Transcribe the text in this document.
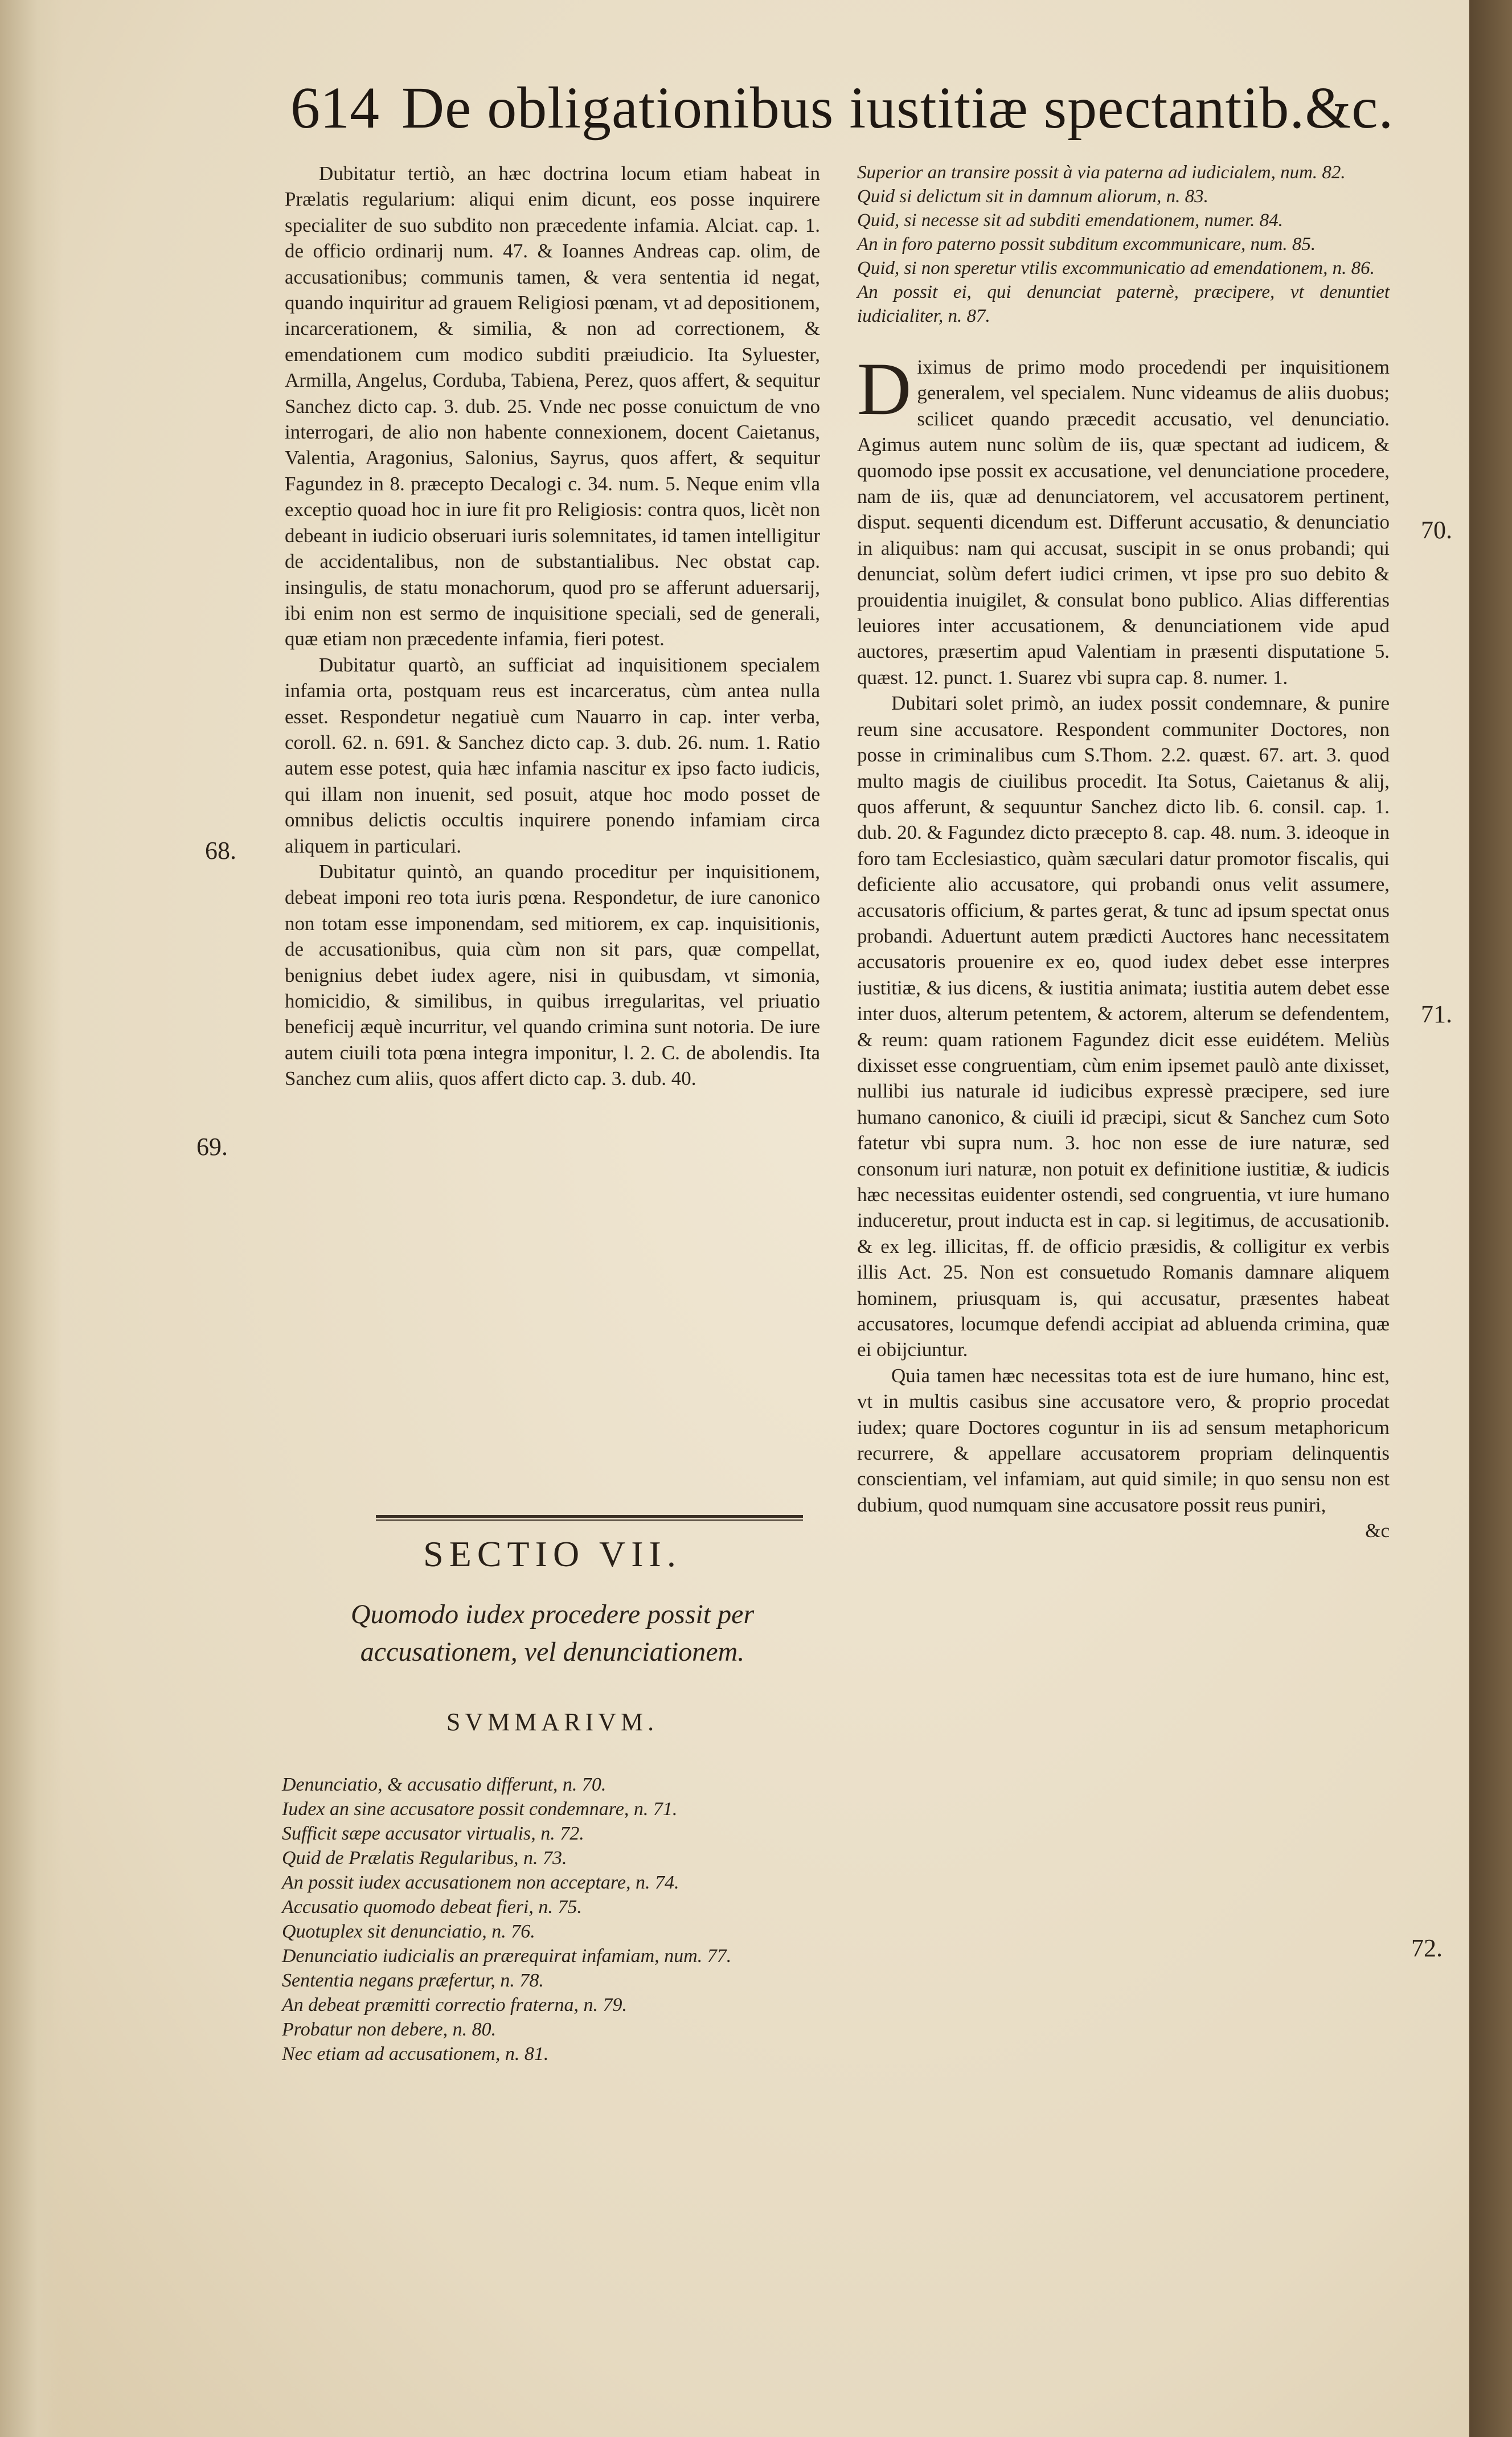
614 De obligationibus iustitiæ spectantib.&c.

Dubitatur tertiò, an hæc doctrina locum etiam habeat in Prælatis regularium: aliqui enim dicunt, eos posse inquirere specialiter de suo subdito non præcedente infamia. Alciat. cap. 1. de officio ordinarij num. 47. & Ioannes Andreas cap. olim, de accusationibus; communis tamen, & vera sententia id negat, quando inquiritur ad grauem Religiosi pœnam, vt ad depositionem, incarcerationem, & similia, & non ad correctionem, & emendationem cum modico subditi præiudicio. Ita Syluester, Armilla, Angelus, Corduba, Tabiena, Perez, quos affert, & sequitur Sanchez dicto cap. 3. dub. 25. Vnde nec posse conuictum de vno interrogari, de alio non habente connexionem, docent Caietanus, Valentia, Aragonius, Salonius, Sayrus, quos affert, & sequitur Fagundez in 8. præcepto Decalogi c. 34. num. 5. Neque enim vlla exceptio quoad hoc in iure fit pro Religiosis: contra quos, licèt non debeant in iudicio obseruari iuris solemnitates, id tamen intelligitur de accidentalibus, non de substantialibus. Nec obstat cap. insingulis, de statu monachorum, quod pro se afferunt aduersarij, ibi enim non est sermo de inquisitione speciali, sed de generali, quæ etiam non præcedente infamia, fieri potest.

Dubitatur quartò, an sufficiat ad inquisitionem specialem infamia orta, postquam reus est incarceratus, cùm antea nulla esset. Respondetur negatiuè cum Nauarro in cap. inter verba, coroll. 62. n. 691. & Sanchez dicto cap. 3. dub. 26. num. 1. Ratio autem esse potest, quia hæc infamia nascitur ex ipso facto iudicis, qui illam non inuenit, sed posuit, atque hoc modo posset de omnibus delictis occultis inquirere ponendo infamiam circa aliquem in particulari.

Dubitatur quintò, an quando proceditur per inquisitionem, debeat imponi reo tota iuris pœna. Respondetur, de iure canonico non totam esse imponendam, sed mitiorem, ex cap. inquisitionis, de accusationibus, quia cùm non sit pars, quæ compellat, benignius debet iudex agere, nisi in quibusdam, vt simonia, homicidio, & similibus, in quibus irregularitas, vel priuatio beneficij æquè incurritur, vel quando crimina sunt notoria. De iure autem ciuili tota pœna integra imponitur, l. 2. C. de abolendis. Ita Sanchez cum aliis, quos affert dicto cap. 3. dub. 40.

68.
69.
SECTIO VII.
Quomodo iudex procedere possit per accusationem, vel denunciationem.
SVMMARIVM.

Denunciatio, & accusatio differunt, n. 70.

Iudex an sine accusatore possit condemnare, n. 71.

Sufficit sæpe accusator virtualis, n. 72.

Quid de Prælatis Regularibus, n. 73.

An possit iudex accusationem non acceptare, n. 74.

Accusatio quomodo debeat fieri, n. 75.

Quotuplex sit denunciatio, n. 76.

Denunciatio iudicialis an prærequirat infamiam, num. 77.

Sententia negans præfertur, n. 78.

An debeat præmitti correctio fraterna, n. 79.

Probatur non debere, n. 80.

Nec etiam ad accusationem, n. 81.

Superior an transire possit à via paterna ad iudicialem, num. 82.

Quid si delictum sit in damnum aliorum, n. 83.

Quid, si necesse sit ad subditi emendationem, numer. 84.

An in foro paterno possit subditum excommunicare, num. 85.

Quid, si non speretur vtilis excommunicatio ad emendationem, n. 86.

An possit ei, qui denunciat paternè, præcipere, vt denuntiet iudicialiter, n. 87.

Diximus de primo modo procedendi per inquisitionem generalem, vel specialem. Nunc videamus de aliis duobus; scilicet quando præcedit accusatio, vel denunciatio. Agimus autem nunc solùm de iis, quæ spectant ad iudicem, & quomodo ipse possit ex accusatione, vel denunciatione procedere, nam de iis, quæ ad denunciatorem, vel accusatorem pertinent, disput. sequenti dicendum est. Differunt accusatio, & denunciatio in aliquibus: nam qui accusat, suscipit in se onus probandi; qui denunciat, solùm defert iudici crimen, vt ipse pro suo debito & prouidentia inuigilet, & consulat bono publico. Alias differentias leuiores inter accusationem, & denunciationem vide apud auctores, præsertim apud Valentiam in præsenti disputatione 5. quæst. 12. punct. 1. Suarez vbi supra cap. 8. numer. 1.

Dubitari solet primò, an iudex possit condemnare, & punire reum sine accusatore. Respondent communiter Doctores, non posse in criminalibus cum S.Thom. 2.2. quæst. 67. art. 3. quod multo magis de ciuilibus procedit. Ita Sotus, Caietanus & alij, quos afferunt, & sequuntur Sanchez dicto lib. 6. consil. cap. 1. dub. 20. & Fagundez dicto præcepto 8. cap. 48. num. 3. ideoque in foro tam Ecclesiastico, quàm sæculari datur promotor fiscalis, qui deficiente alio accusatore, qui probandi onus velit assumere, accusatoris officium, & partes gerat, & tunc ad ipsum spectat onus probandi. Aduertunt autem prædicti Auctores hanc necessitatem accusatoris prouenire ex eo, quod iudex debet esse interpres iustitiæ, & ius dicens, & iustitia animata; iustitia autem debet esse inter duos, alterum petentem, & actorem, alterum se defendentem, & reum: quam rationem Fagundez dicit esse euidétem. Meliùs dixisset esse congruentiam, cùm enim ipsemet paulò ante dixisset, nullibi ius naturale id iudicibus expressè præcipere, sed iure humano canonico, & ciuili id præcipi, sicut & Sanchez cum Soto fatetur vbi supra num. 3. hoc non esse de iure naturæ, sed consonum iuri naturæ, non potuit ex definitione iustitiæ, & iudicis hæc necessitas euidenter ostendi, sed congruentia, vt iure humano induceretur, prout inducta est in cap. si legitimus, de accusationib. & ex leg. illicitas, ff. de officio præsidis, & colligitur ex verbis illis Act. 25. Non est consuetudo Romanis damnare aliquem hominem, priusquam is, qui accusatur, præsentes habeat accusatores, locumque defendi accipiat ad abluenda crimina, quæ ei obijciuntur.

Quia tamen hæc necessitas tota est de iure humano, hinc est, vt in multis casibus sine accusatore vero, & proprio procedat iudex; quare Doctores coguntur in iis ad sensum metaphoricum recurrere, & appellare accusatorem propriam delinquentis conscientiam, vel infamiam, aut quid simile; in quo sensu non est dubium, quod numquam sine accusatore possit reus puniri,

&c

70.
71.
72.
